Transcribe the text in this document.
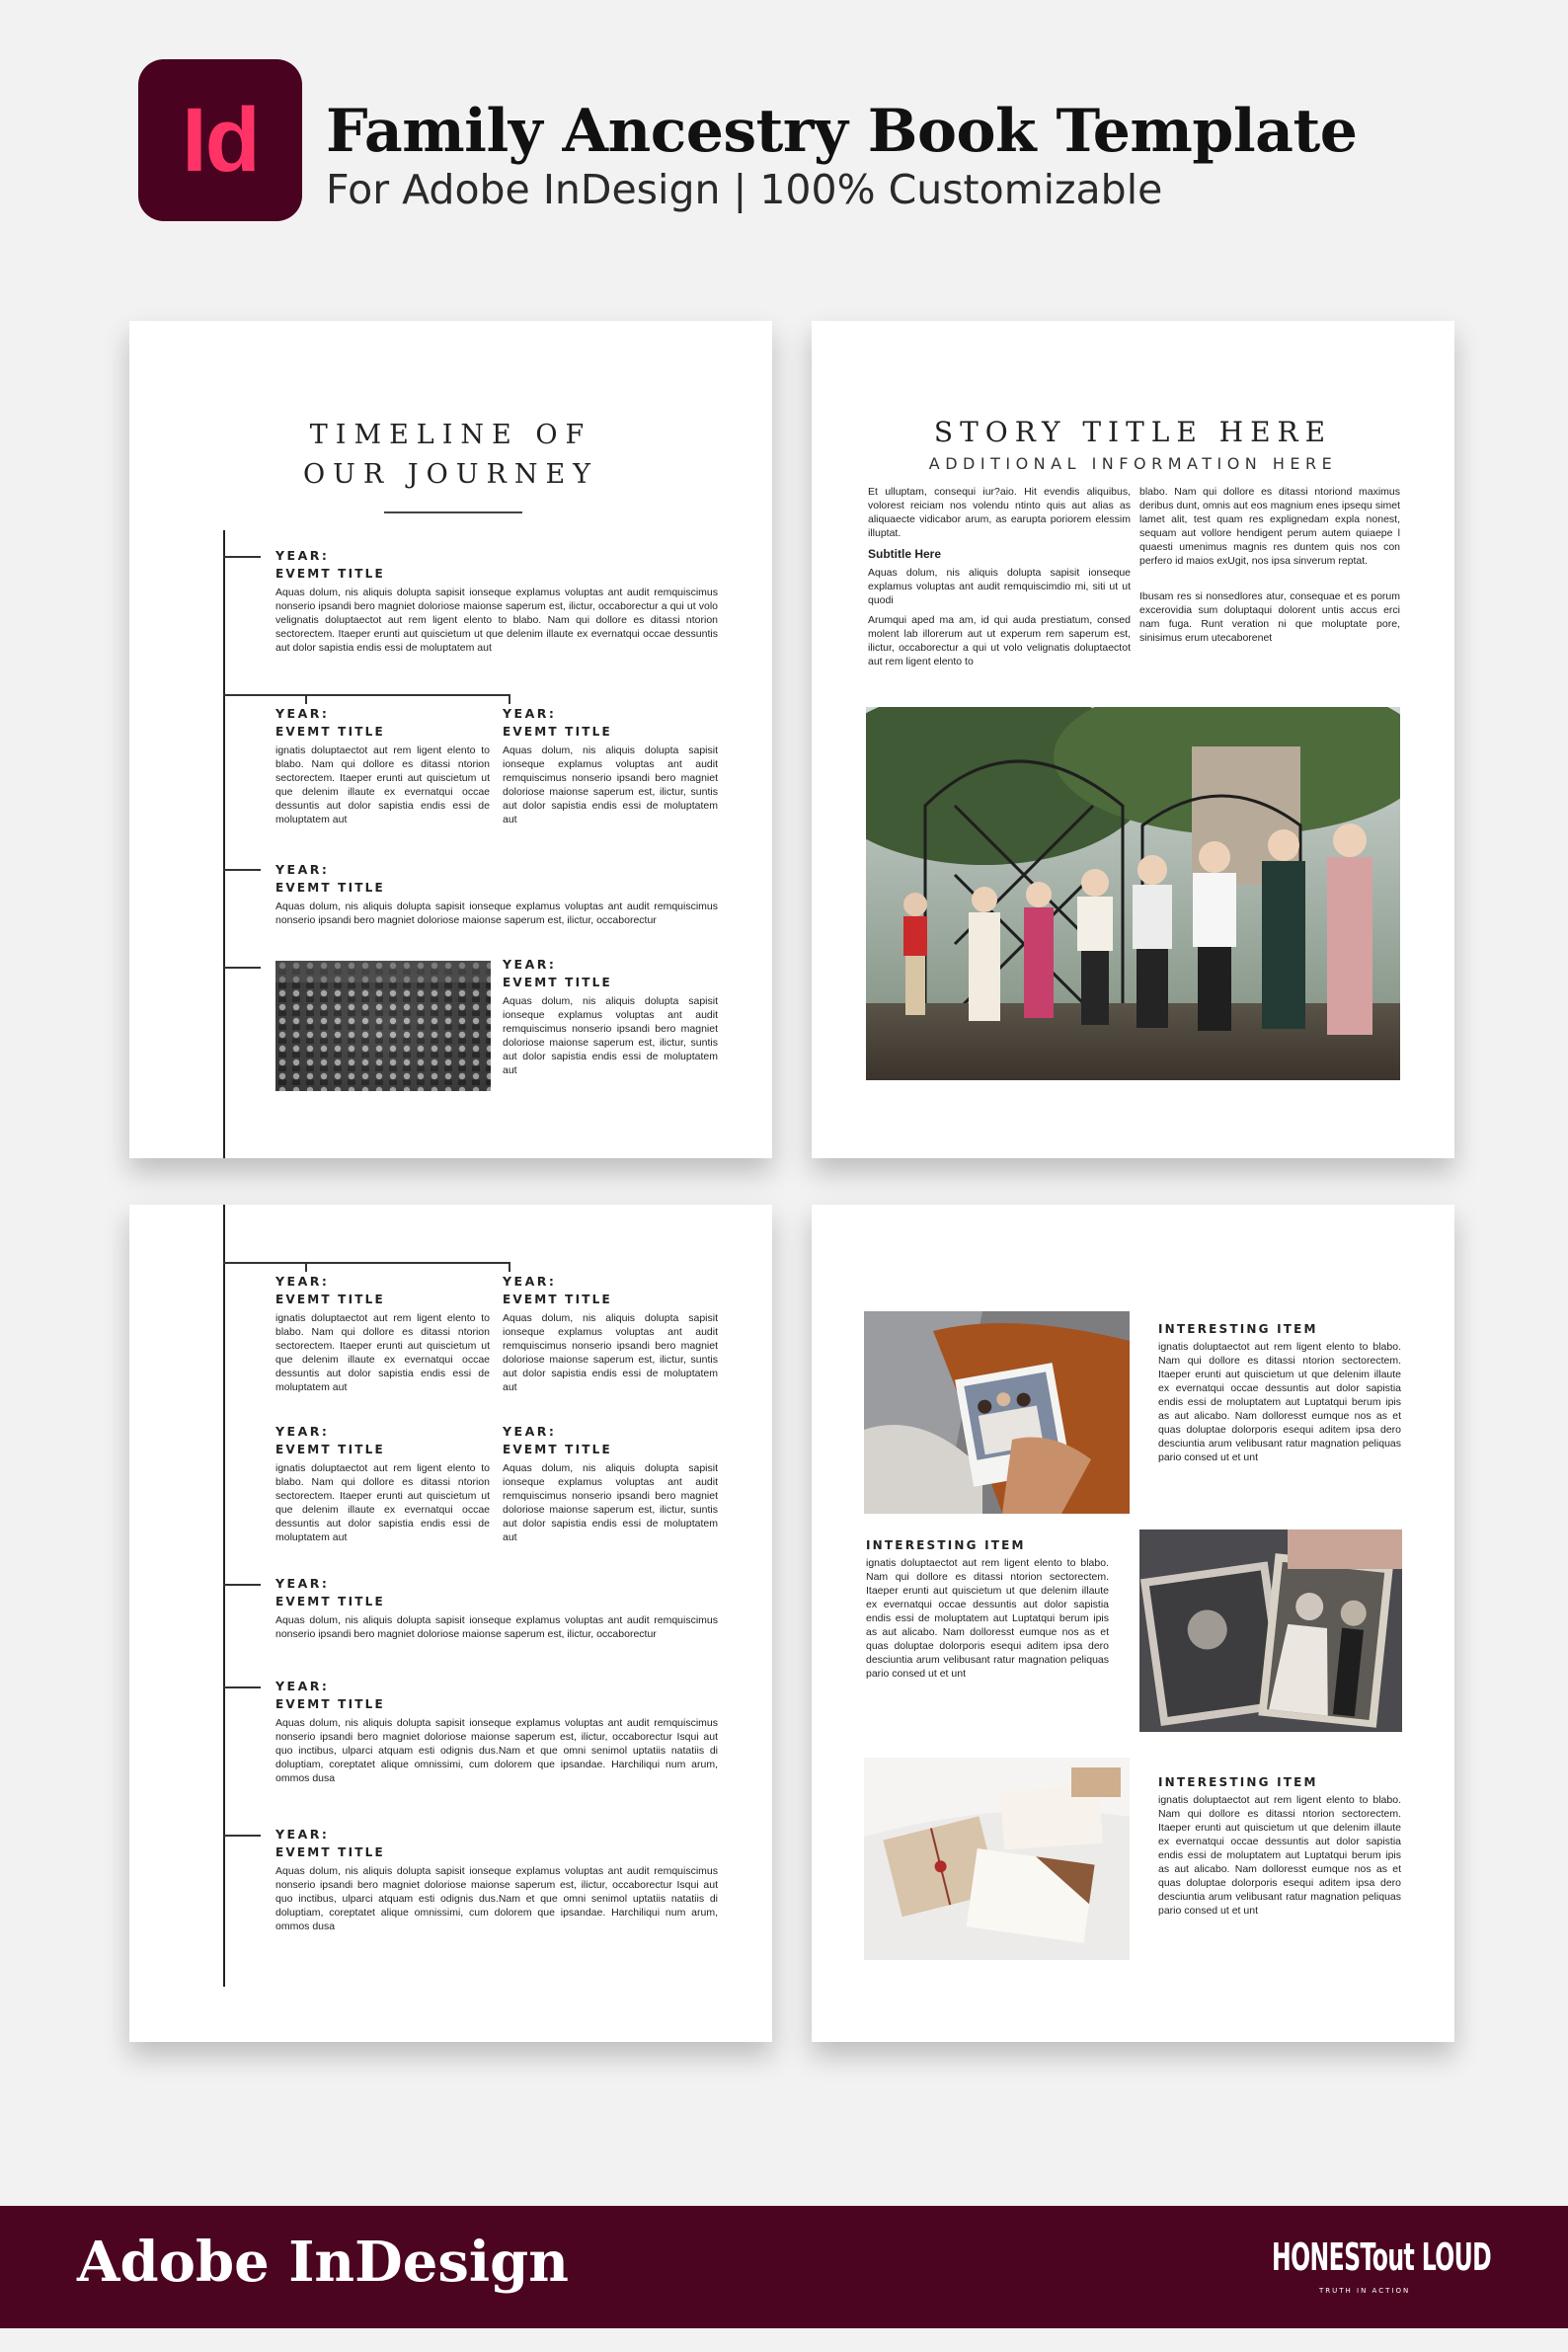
Id Family Ancestry Book Template
For Adobe InDesign | 100% Customizable
TIMELINE OF
OUR JOURNEY
YEAR:
EVEMT TITLE
Aquas dolum, nis aliquis dolupta sapisit ionseque explamus voluptas ant audit remquiscimus nonserio ipsandi bero magniet doloriose maionse saperum est, ilictur, occaborectur a qui ut volo velignatis doluptaectot aut rem ligent elento to blabo. Nam qui dollore es ditassi ntorion sectorectem. Itaeper erunti aut quiscietum ut que delenim illaute ex evernatqui occae dessuntis aut dolor sapistia endis essi de moluptatem aut
YEAR:
EVEMT TITLE
ignatis doluptaectot aut rem ligent elento to blabo. Nam qui dollore es ditassi ntorion sectorectem. Itaeper erunti aut quiscietum ut que delenim illaute ex evernatqui occae dessuntis aut dolor sapistia endis essi de moluptatem aut
YEAR:
EVEMT TITLE
Aquas dolum, nis aliquis dolupta sapisit ionseque explamus voluptas ant audit remquiscimus nonserio ipsandi bero magniet doloriose maionse saperum est, ilictur, suntis aut dolor sapistia endis essi de moluptatem aut
YEAR:
EVEMT TITLE
Aquas dolum, nis aliquis dolupta sapisit ionseque explamus voluptas ant audit remquiscimus nonserio ipsandi bero magniet doloriose maionse saperum est, ilictur, occaborectur
YEAR:
EVEMT TITLE
Aquas dolum, nis aliquis dolupta sapisit ionseque explamus voluptas ant audit remquiscimus nonserio ipsandi bero magniet doloriose maionse saperum est, ilictur, suntis aut dolor sapistia endis essi de moluptatem aut
STORY TITLE HERE
ADDITIONAL INFORMATION HERE
Et ulluptam, consequi iur?aio. Hit evendis aliquibus, volorest reiciam nos volendu ntinto quis aut alias as aliquaecte vidicabor arum, as earupta poriorem elessim illuptat.
Subtitle Here
Aquas dolum, nis aliquis dolupta sapisit ionseque explamus voluptas ant audit remquiscimdio mi, siti ut ut quodi
Arumqui aped ma am, id qui auda prestiatum, consed molent lab illorerum aut ut experum rem saperum est, ilictur, occaborectur a qui ut volo velignatis doluptaectot aut rem ligent elento to
blabo. Nam qui dollore es ditassi ntoriond maximus deribus dunt, omnis aut eos magnium enes ipsequ simet lamet alit, test quam res explignedam expla nonest, sequam aut vollore hendigent perum autem quiaepe l quaesti umenimus magnis res duntem quis nos con perfero id maios exUgit, nos ipsa sinverum reptat.
Ibusam res si nonsedlores atur, consequae et es porum excerovidia sum doluptaqui dolorent untis accus erci nam fuga. Runt veration ni que moluptate pore, sinisimus erum utecaborenet
YEAR:
EVEMT TITLE
ignatis doluptaectot aut rem ligent elento to blabo. Nam qui dollore es ditassi ntorion sectorectem. Itaeper erunti aut quiscietum ut que delenim illaute ex evernatqui occae dessuntis aut dolor sapistia endis essi de moluptatem aut
YEAR:
EVEMT TITLE
Aquas dolum, nis aliquis dolupta sapisit ionseque explamus voluptas ant audit remquiscimus nonserio ipsandi bero magniet doloriose maionse saperum est, ilictur, suntis aut dolor sapistia endis essi de moluptatem aut
YEAR:
EVEMT TITLE
ignatis doluptaectot aut rem ligent elento to blabo. Nam qui dollore es ditassi ntorion sectorectem. Itaeper erunti aut quiscietum ut que delenim illaute ex evernatqui occae dessuntis aut dolor sapistia endis essi de moluptatem aut
YEAR:
EVEMT TITLE
Aquas dolum, nis aliquis dolupta sapisit ionseque explamus voluptas ant audit remquiscimus nonserio ipsandi bero magniet doloriose maionse saperum est, ilictur, suntis aut dolor sapistia endis essi de moluptatem aut
YEAR:
EVEMT TITLE
Aquas dolum, nis aliquis dolupta sapisit ionseque explamus voluptas ant audit remquiscimus nonserio ipsandi bero magniet doloriose maionse saperum est, ilictur, occaborectur
YEAR:
EVEMT TITLE
Aquas dolum, nis aliquis dolupta sapisit ionseque explamus voluptas ant audit remquiscimus nonserio ipsandi bero magniet doloriose maionse saperum est, ilictur, occaborectur Isqui aut quo inctibus, ulparci atquam esti odignis dus.Nam et que omni senimol uptatiis natatiis di doluptiam, coreptatet alique omnissimi, cum dolorem que ipsandae. Harchiliqui num arum, ommos dusa
YEAR:
EVEMT TITLE
Aquas dolum, nis aliquis dolupta sapisit ionseque explamus voluptas ant audit remquiscimus nonserio ipsandi bero magniet doloriose maionse saperum est, ilictur, occaborectur Isqui aut quo inctibus, ulparci atquam esti odignis dus.Nam et que omni senimol uptatiis natatiis di doluptiam, coreptatet alique omnissimi, cum dolorem que ipsandae. Harchiliqui num arum, ommos dusa
INTERESTING ITEM
ignatis doluptaectot aut rem ligent elento to blabo. Nam qui dollore es ditassi ntorion sectorectem. Itaeper erunti aut quiscietum ut que delenim illaute ex evernatqui occae dessuntis aut dolor sapistia endis essi de moluptatem aut Luptatqui berum ipis as aut alicabo. Nam dolloresst eumque nos as et quas doluptae dolorporis esequi aditem ipsa dero desciuntia arum velibusant ratur magnation peliquas pario consed ut et unt
INTERESTING ITEM
ignatis doluptaectot aut rem ligent elento to blabo. Nam qui dollore es ditassi ntorion sectorectem. Itaeper erunti aut quiscietum ut que delenim illaute ex evernatqui occae dessuntis aut dolor sapistia endis essi de moluptatem aut Luptatqui berum ipis as aut alicabo. Nam dolloresst eumque nos as et quas doluptae dolorporis esequi aditem ipsa dero desciuntia arum velibusant ratur magnation peliquas pario consed ut et unt
INTERESTING ITEM
ignatis doluptaectot aut rem ligent elento to blabo. Nam qui dollore es ditassi ntorion sectorectem. Itaeper erunti aut quiscietum ut que delenim illaute ex evernatqui occae dessuntis aut dolor sapistia endis essi de moluptatem aut Luptatqui berum ipis as aut alicabo. Nam dolloresst eumque nos as et quas doluptae dolorporis esequi aditem ipsa dero desciuntia arum velibusant ratur magnation peliquas pario consed ut et unt
Adobe InDesign	HONESTout LOUD
TRUTH IN ACTION
